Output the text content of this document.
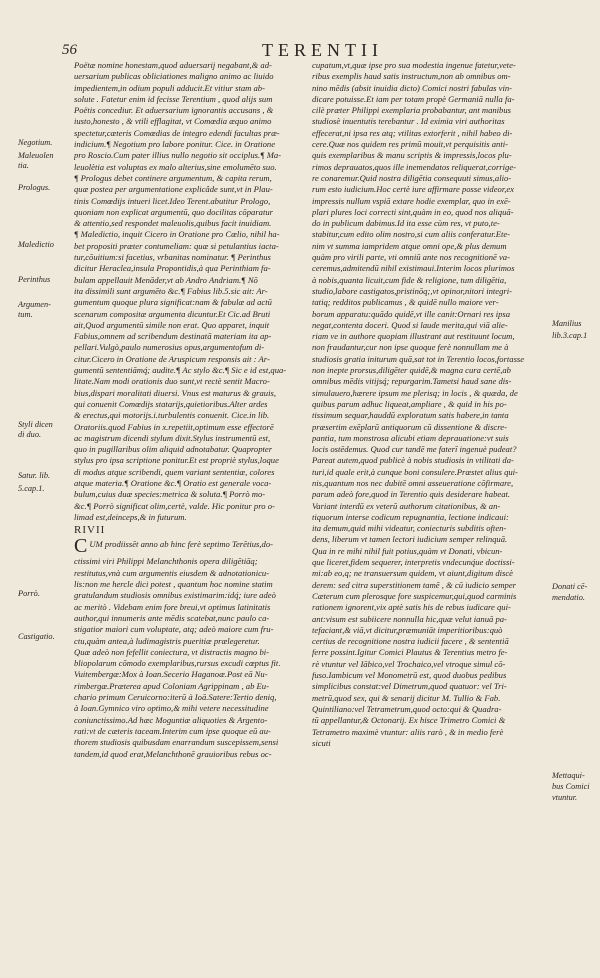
56	TERENTII
Poëtæ nomine honestam,quod aduersarij negabant,& ad-
uersarium publicas obliciationes maligno animo ac liuido
impedientem,in odium populi adducit.Et vitiur stam ab-
solute . Fatetur enim id fecisse Terentium , quod alijs sum
Poëtis concediur. Et aduersarium ignorantis accusans , &
iusto,honesto , & vtili efflagitat, vt Comœdia æquo animo
spectetur,cæteris Comœdias de integro edendi facultas præ-
indicium.¶ Negotium pro labore ponitur. Cice. in Oratione
pro Roscio.Cum pater illius nullo negotio sit occiplus.¶ Ma-
leuolètia est voluptas ex malo alterius,sine emolumēto suo.
¶ Prologus debet continere argumentum, & capita rerum,
quæ postea per argumentatione explicâde sunt,vt in Plau-
tinis Comœdijs intueri licet.Ideo Terent.abutitur Prologo,
quoniam non explicat argumentū, quo docilitas cōparatur
& attentio,sed respondet maleuolis,quibus facit inuidiam.
¶ Maledictio, inquit Cicero in Oratione pro Cœlio, nihil ha-
bet propositi præter contumeliam: quæ si petulantius iacta-
tur,cōuitium:si facetius, vrbanitas nominatur. ¶ Perinthus
dicitur Heraclea,insula Propontidis,à qua Perinthiam fa-
bulam appellauit Menāder,vt ab Andro Andriam.¶ Nō
ita dissimili sunt argumēto &c.¶ Fabius lib.5.sic ait: Ar-
gumentum quoque plura significat:nam & fabulæ ad actū
scenarum compositæ argumenta dicuntur.Et Cic.ad Bruti
ait,Quod argumentū simile non erat. Quo apparet, inquit
Fabius,omnem ad scribendum destinatā materiam ita ap-
pellari.Vulgò,paulo numerosius opus,argumentofum di-
citur.Cicero in Oratione de Aruspicum responsis ait : Ar-
gumentū sententiāmq́; audite.¶ Ac stylo &c.¶ Sic e id est,qua-
litate.Nam modi orationis duo sunt,vt rectè sentit Macro-
bius,dispari moralitati diuersi. Vnus est maturus & grauis,
qui conuenit Comœdijs statarijs,quietioribus.Alter ardes
& erectus,qui motorijs.i.turbulentis conuenit. Cice.in lib.
Oratoriis.quod Fabius in x.repetiit,optimum esse effectorē
ac magistrum dicendi stylum dixit.Stylus instrumentū est,
quo in pugillaribus olim aliquid adnotabatur. Quapropter
stylus pro ipsa scriptione ponitur.Et est propriè stylus,loque
di modus atque scribendi, quem variant sententiæ, colores
atque materia.¶ Oratione &c.¶ Oratio est generale voca-
bulum,cuius duæ species:metrica & soluta.¶ Porrò mo-
&c.¶ Porrò significat olim,certè, valde. Hic ponitur pro o-
limad est,deinceps,& in futurum.
RIVII
CUM prodiissēt anno ab hinc ferè septimo Terētius,do-
ctissimi viri Philippi Melanchthonis opera diligētiāq;
restitutus,vnà cum argumentis eiusdem & adnotationicu-
lis:non me hercle dici potest , quantum hoc nomine statim
gratulandum studiosis omnibus existimarim:idq́; iure adeò
ac meritò . Videbam enim fore breui,vt optimus latinitatis
author,qui innumeris ante mēdis scatebat,nunc paulo ca-
stigatior maiori cum voluptate, atq; adeò maiore cum fru-
ctu,quàm antea,à ludimagistris pueritiæ prælegeretur.
Quæ adeò non fefellit coniectura, vt distractis magno bi-
bliopolarum cōmodo exemplaribus,rursus excudi cœptus fit.
Vuitembergæ:Mox à Ioan.Secerio Haganoæ.Post eā Nu-
rimbergæ.Præterea apud Coloniam Agrippinam , ab Eu-
chario primum Ceruicorno:iterū à Ioā.Satere:Tertio deniq,
à Ioan.Gymnico viro optimo,& mihi vetere necessitudine
coniunctissimo.Ad hæc Moguntiæ aliquoties & Argento-
rati:vt de cæteris taceam.Interim cum ipse quoque eū au-
thorem studiosis quibusdam enarrandum suscepissem,sensi
tandem,id quod erat,Melanchthonē grauioribus rebus oc-
cupatum,vt,quæ ipse pro sua modestia ingenue fatetur,vete-
ribus exemplis haud satis instructum,non ab omnibus om-
nino mēdis (absit inuidia dicto) Comici nostri fabulas vin-
dicare potuisse.Et iam per totam propè Germaniā nulla fa-
cilè præter Philippi exemplaria probabantur, ant manibus
studiosè inuentutis terebantur . Id eximia viri authoritas
effecerat,ni ipsa res atq; vtilitas extorferit , nihil habeo di-
cere.Quæ nos quidem res primū mouit,vt perquisitis anti-
quis exemplaribus & manu scriptis & impressis,locos plu-
rimos deprauatos,quos ille inemendatos reliquerat,corrige-
re conaremur.Quid nostra diligētia consequuti simus,alio-
rum esto iudicium.Hoc certè iure affirmare posse videor,ex
impressis nullum vspiā extare hodie exemplar, quo in exē-
plari plures loci correcti sint,quàm in eo, quod nos aliquā-
do in publicum dabimus.Id ita esse cùm res, vt puto,te-
stabitur,cum edito olim nostro,si cum aliis conferatur.Ete-
nim vt summa iampridem atque omni ope,& plus demum
quàm pro virili parte, vti omniū ante nos recognitionē va-
ceremus,admitendū nihil existimaui.Interim locos plurimos
à nobis,quanta licuit,cum fide & religione, tum diligētia,
studio,labore castigatos,pristinōq;,vt opinor,nitori integri-
tatiq; redditos publicamus , & quidē nullo maiore ver-
borum apparatu:quādo quidē,vt ille canit:Ornari res ipsa
negat,contenta doceri. Quod si laude merita,qui viā alie-
riam ve in authore quopiam illustrant aut restituunt locum,
non fraudantur,cur non ipse quoque ferè nonnullam me à
studiosis gratia initurum quā,sat tot in Terentio locos,fortasse
non inepte prorsus,diligēter quidē,& magna cura certē,ab
omnibus mēdis vitijsq́; repurgarim.Tametsi haud sane dis-
simulauero,hærere ipsum me plerisq; in locis , & quæda, de
quibus parum adhuc liqueat,ampliare , & quid in his po-
tissimum sequar,hauddū exploratum satis habere,in tanta
præsertim exēplarū antiquorum cū dissentione & discre-
pantia, tum monstrosa alicubi etiam deprauatione:vt suis
locis ostēdemus. Quod cur tandē me faterī ingenuè pudeat?
Pareat autem,quod publicè à nobis studiosis in vtilitati da-
turi,id quale erit,à cunque boni consulere.Præstet alius qui-
nis,quantum nos nec dubitē omni asseueratione cōfirmare,
parum adeò fore,quod in Terentio quis desiderare habeat.
Variant interdū ex veterū authorum citationibus, & an-
tiquorum interse codicum repugnantia, lectione indicaui:
ita demum,quid mihi videatur, coniecturis subditis often-
dens, liberum vt tamen lectori iudicium semper relinquā.
Qua in re mihi nihil fuit potius,quàm vt Donati, vbicun-
que liceret,fidem sequerer, interpretis vndecunq́ue doctissi-
mi:ab eo,q; ne transuersum quidem, vt aiunt,digitum discè
derem: sed citra superstitionem tamē , & cū iudicio semper
Cæterum cum plerosque fore suspicemur,qui,quod carminis
rationem ignorent,vix aptè satis his de rebus iudicare qui-
ant:visum est subiicere nonnulla hic,quæ velut ianuā pa-
tefaciant,& viā,vt dicitur,præmuniāt imperitioribus:quò
certius de recognitione nostra iudicii facere , & sententiā
ferre possint.Igitur Comici Plautus & Terentius metro fe-
rè vtuntur vel Iābico,vel Trochaico,vel vtroque simul cō-
fuso.Iambicum vel Monometrū est, quod duobus pedibus
simplicibus constat:vel Dimetrum,quod quatuor: vel Tri-
metrū,quod sex, qui & senarij dicitur M. Tullio & Fab.
Quintiliano:vel Tetrametrum,quod octo:qui & Quadra-
tū appellantur,& Octonarij. Ex hisce Trimetro Comici &
Tetrametro maximè vtuntur: aliis rarò , & in medio ferè
sicuti
Negotium.
Maleuolen
tia.
Prologus.
Maledictio
Perinthus
Argumen-
tum.
Styli dicen
di duo.
Satur. lib.
5.cap.1.
Porrò.
Castigatio.
Manilius
lib.3.cap.1
Donati cē-
mendatio.
Mettaqui-
bus Comici
vtuntur.
